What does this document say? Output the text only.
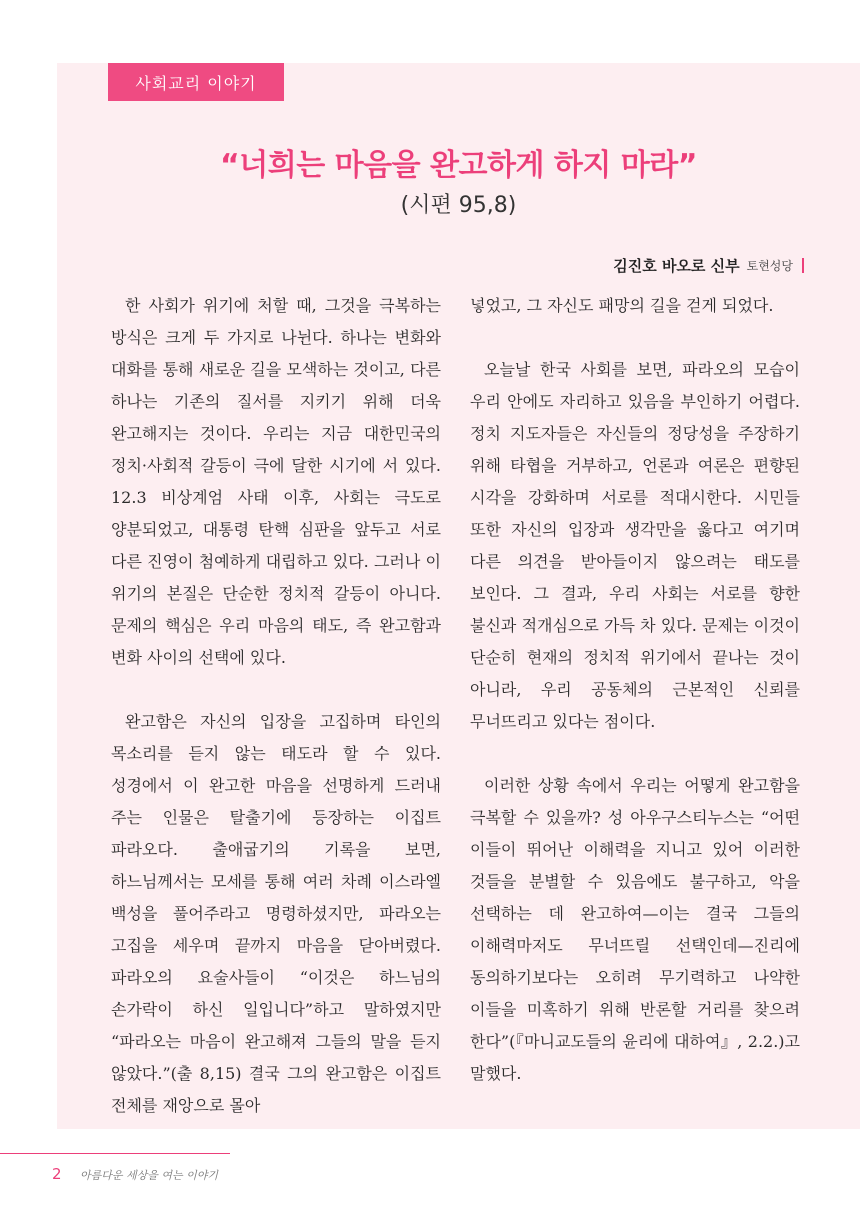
사회교리 이야기
“너희는 마음을 완고하게 하지 마라”
(시편 95,8)
김진호 바오로 신부 토현성당

한 사회가 위기에 처할 때, 그것을 극복하는 방식은 크게 두 가지로 나뉜다. 하나는 변화와 대화를 통해 새로운 길을 모색하는 것이고, 다른 하나는 기존의 질서를 지키기 위해 더욱 완고해지는 것이다. 우리는 지금 대한민국의 정치·사회적 갈등이 극에 달한 시기에 서 있다. 12.3 비상계엄 사태 이후, 사회는 극도로 양분되었고, 대통령 탄핵 심판을 앞두고 서로 다른 진영이 첨예하게 대립하고 있다. 그러나 이 위기의 본질은 단순한 정치적 갈등이 아니다. 문제의 핵심은 우리 마음의 태도, 즉 완고함과 변화 사이의 선택에 있다.

완고함은 자신의 입장을 고집하며 타인의 목소리를 듣지 않는 태도라 할 수 있다. 성경에서 이 완고한 마음을 선명하게 드러내 주는 인물은 탈출기에 등장하는 이집트 파라오다. 출애굽기의 기록을 보면, 하느님께서는 모세를 통해 여러 차례 이스라엘 백성을 풀어주라고 명령하셨지만, 파라오는 고집을 세우며 끝까지 마음을 닫아버렸다. 파라오의 요술사들이 “이것은 하느님의 손가락이 하신 일입니다”하고 말하였지만 “파라오는 마음이 완고해져 그들의 말을 듣지 않았다.”(출 8,15) 결국 그의 완고함은 이집트 전체를 재앙으로 몰아

넣었고, 그 자신도 패망의 길을 걷게 되었다.

오늘날 한국 사회를 보면, 파라오의 모습이 우리 안에도 자리하고 있음을 부인하기 어렵다. 정치 지도자들은 자신들의 정당성을 주장하기 위해 타협을 거부하고, 언론과 여론은 편향된 시각을 강화하며 서로를 적대시한다. 시민들 또한 자신의 입장과 생각만을 옳다고 여기며 다른 의견을 받아들이지 않으려는 태도를 보인다. 그 결과, 우리 사회는 서로를 향한 불신과 적개심으로 가득 차 있다. 문제는 이것이 단순히 현재의 정치적 위기에서 끝나는 것이 아니라, 우리 공동체의 근본적인 신뢰를 무너뜨리고 있다는 점이다.

이러한 상황 속에서 우리는 어떻게 완고함을 극복할 수 있을까? 성 아우구스티누스는 “어떤 이들이 뛰어난 이해력을 지니고 있어 이러한 것들을 분별할 수 있음에도 불구하고, 악을 선택하는 데 완고하여—이는 결국 그들의 이해력마저도 무너뜨릴 선택인데—진리에 동의하기보다는 오히려 무기력하고 나약한 이들을 미혹하기 위해 반론할 거리를 찾으려 한다”(『마니교도들의 윤리에 대하여』, 2.2.)고 말했다.

2 아름다운 세상을 여는 이야기
